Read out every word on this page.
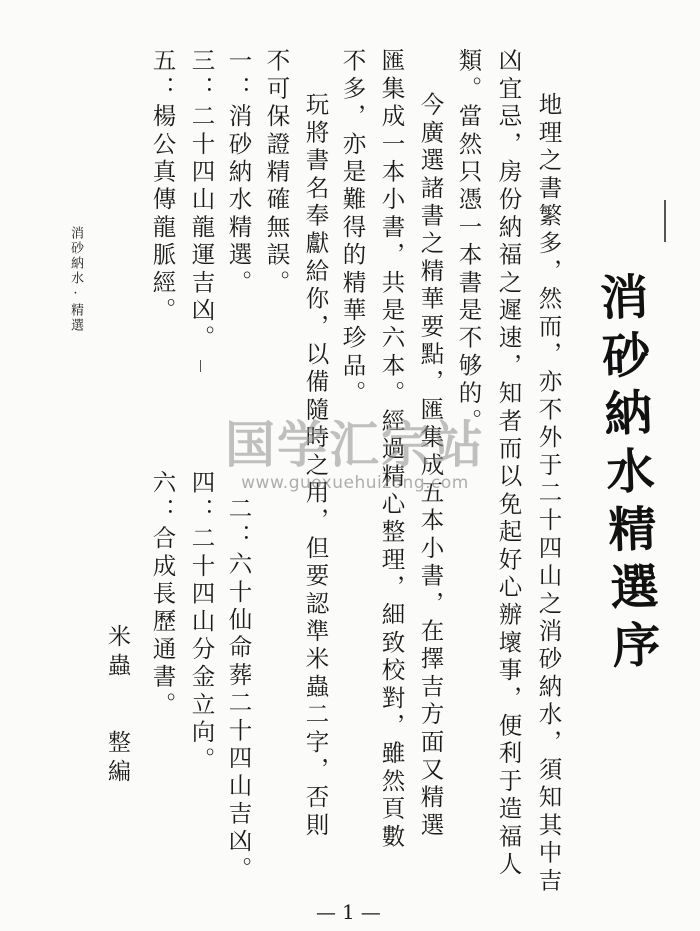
消砂納水·精選	消砂納水精選序
地理之書繁多，然而，亦不外于二十四山之消砂納水，須知其中吉
凶宜忌，房份納福之遲速，知者而以免起好心辦壞事，便利于造福人
類。當然只憑一本書是不够的。
今廣選諸書之精華要點，匯集成五本小書，在擇吉方面又精選
匯集成一本小書，共是六本。經過精心整理，細致校對，雖然頁數
不多，亦是難得的精華珍品。
玩將書名奉獻給你，以備隨時之用，但要認準米蟲二字，否則
不可保證精確無誤。
一：消砂納水精選。
三：二十四山龍運吉凶。
五：楊公真傳龍脈經。
二：六十仙命葬二十四山吉凶。
四：二十四山分金立向。
六：合成長歷通書。
米蟲
整編
—1—
国学汇宗站
www.guoxuehuizong.com
